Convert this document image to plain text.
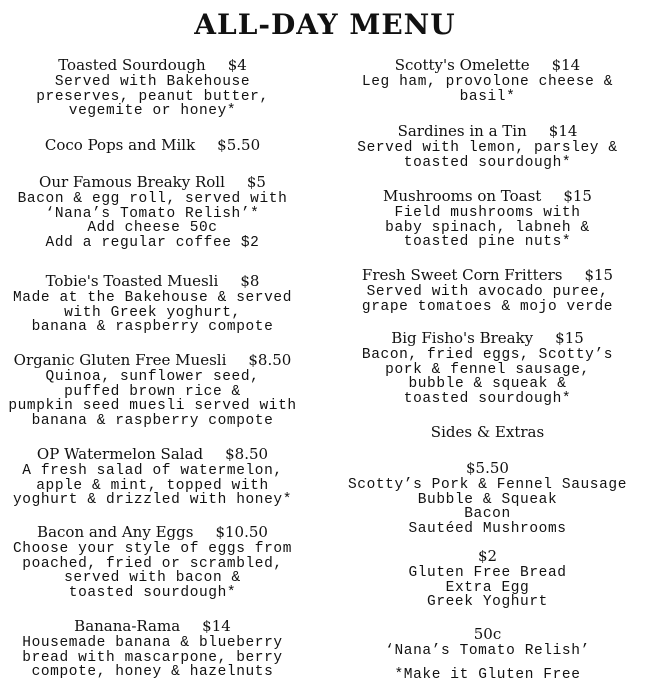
ALL-DAY MENU
Toasted Sourdough $4
Served with Bakehouse
preserves, peanut butter,
vegemite or honey*
Coco Pops and Milk $5.50
Our Famous Breaky Roll $5
Bacon & egg roll, served with
‘Nana’s Tomato Relish’*
Add cheese 50c
Add a regular coffee $2
Tobie's Toasted Muesli $8
Made at the Bakehouse & served
with Greek yoghurt,
banana & raspberry compote
Organic Gluten Free Muesli $8.50
Quinoa, sunflower seed,
puffed brown rice &
pumpkin seed muesli served with
banana & raspberry compote
OP Watermelon Salad $8.50
A fresh salad of watermelon,
apple & mint, topped with
yoghurt & drizzled with honey*
Bacon and Any Eggs $10.50
Choose your style of eggs from
poached, fried or scrambled,
served with bacon &
toasted sourdough*
Banana-Rama $14
Housemade banana & blueberry
bread with mascarpone, berry
compote, honey & hazelnuts
Scotty's Omelette $14
Leg ham, provolone cheese &
basil*
Sardines in a Tin $14
Served with lemon, parsley &
toasted sourdough*
Mushrooms on Toast $15
Field mushrooms with
baby spinach, labneh &
toasted pine nuts*
Fresh Sweet Corn Fritters $15
Served with avocado puree,
grape tomatoes & mojo verde
Big Fisho's Breaky $15
Bacon, fried eggs, Scotty’s
pork & fennel sausage,
bubble & squeak &
toasted sourdough*
Sides & Extras
$5.50
Scotty’s Pork & Fennel Sausage
Bubble & Squeak
Bacon
Sautéed Mushrooms
$2
Gluten Free Bread
Extra Egg
Greek Yoghurt
50c
‘Nana’s Tomato Relish’
*Make it Gluten Free
